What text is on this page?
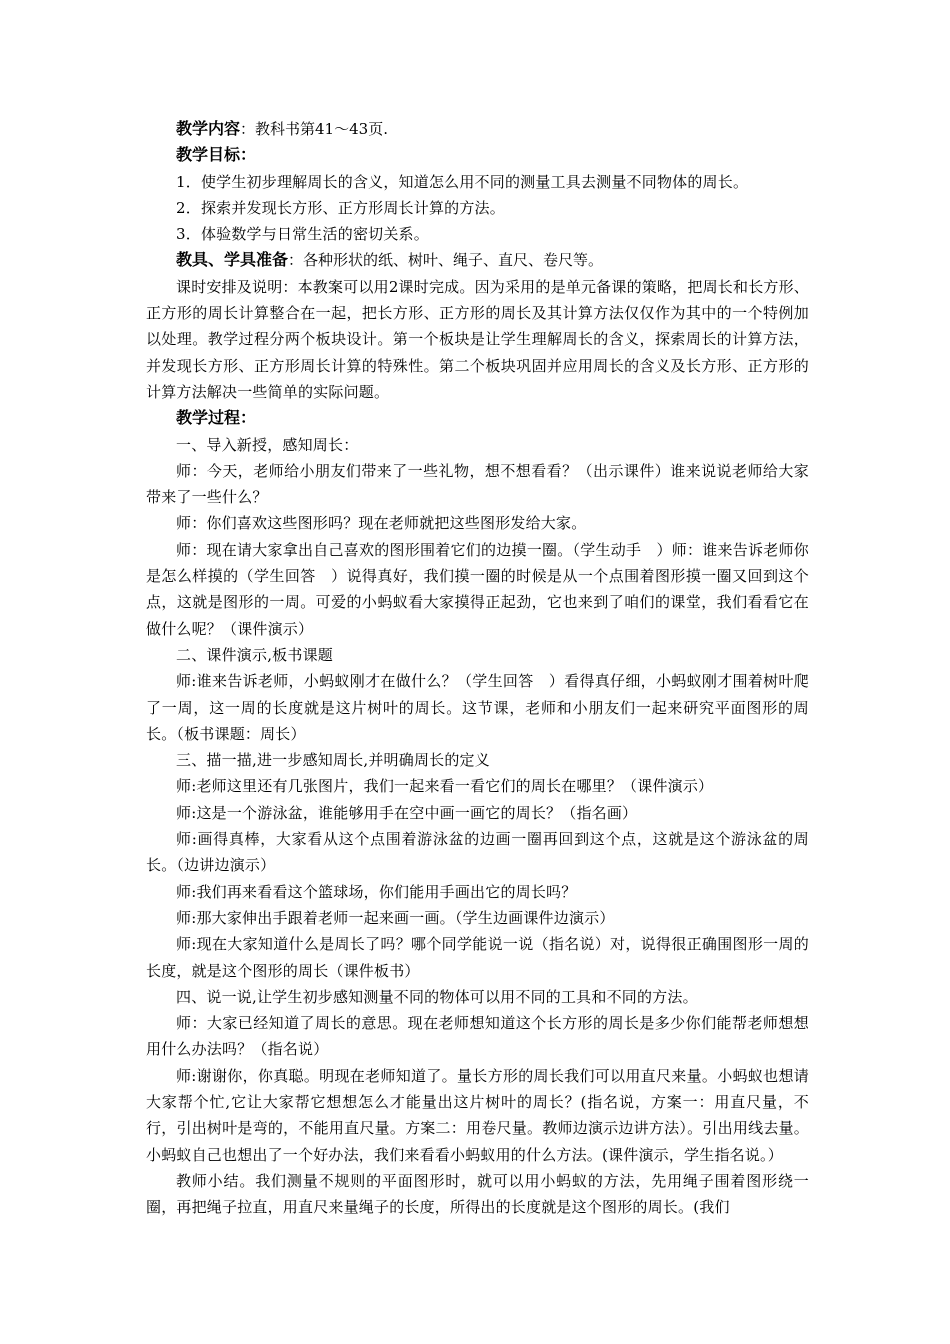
教学内容：教科书第41～43页.

教学目标：

1．使学生初步理解周长的含义，知道怎么用不同的测量工具去测量不同物体的周长。

2．探索并发现长方形、正方形周长计算的方法。

3．体验数学与日常生活的密切关系。

教具、学具准备：各种形状的纸、树叶、绳子、直尺、卷尺等。

课时安排及说明：本教案可以用2课时完成。因为采用的是单元备课的策略，把周长和长方形、正方形的周长计算整合在一起，把长方形、正方形的周长及其计算方法仅仅作为其中的一个特例加以处理。教学过程分两个板块设计。第一个板块是让学生理解周长的含义，探索周长的计算方法，并发现长方形、正方形周长计算的特殊性。第二个板块巩固并应用周长的含义及长方形、正方形的计算方法解决一些简单的实际问题。

教学过程：

一、导入新授，感知周长：

师：今天，老师给小朋友们带来了一些礼物，想不想看看？（出示课件）谁来说说老师给大家带来了一些什么？

师：你们喜欢这些图形吗？现在老师就把这些图形发给大家。

师：现在请大家拿出自己喜欢的图形围着它们的边摸一圈。（学生动手　）师：谁来告诉老师你是怎么样摸的（学生回答　）说得真好，我们摸一圈的时候是从一个点围着图形摸一圈又回到这个点，这就是图形的一周。可爱的小蚂蚁看大家摸得正起劲，它也来到了咱们的课堂，我们看看它在做什么呢？（课件演示）

二、课件演示,板书课题

师:谁来告诉老师，小蚂蚁刚才在做什么？（学生回答　）看得真仔细，小蚂蚁刚才围着树叶爬了一周，这一周的长度就是这片树叶的周长。这节课，老师和小朋友们一起来研究平面图形的周长。（板书课题：周长）

三、描一描,进一步感知周长,并明确周长的定义

师:老师这里还有几张图片，我们一起来看一看它们的周长在哪里？（课件演示）

师:这是一个游泳盆，谁能够用手在空中画一画它的周长？（指名画）

师:画得真棒，大家看从这个点围着游泳盆的边画一圈再回到这个点，这就是这个游泳盆的周长。（边讲边演示）

师:我们再来看看这个篮球场，你们能用手画出它的周长吗？

师:那大家伸出手跟着老师一起来画一画。（学生边画课件边演示）

师:现在大家知道什么是周长了吗？哪个同学能说一说（指名说）对，说得很正确围图形一周的长度，就是这个图形的周长（课件板书）

四、说一说,让学生初步感知测量不同的物体可以用不同的工具和不同的方法。

师：大家已经知道了周长的意思。现在老师想知道这个长方形的周长是多少你们能帮老师想想用什么办法吗？（指名说）

师:谢谢你，你真聪。明现在老师知道了。量长方形的周长我们可以用直尺来量。小蚂蚁也想请大家帮个忙,它让大家帮它想想怎么才能量出这片树叶的周长？(指名说，方案一：用直尺量，不行，引出树叶是弯的，不能用直尺量。方案二：用卷尺量。教师边演示边讲方法）。引出用线去量。小蚂蚁自己也想出了一个好办法，我们来看看小蚂蚁用的什么方法。(课件演示，学生指名说。）

教师小结。我们测量不规则的平面图形时，就可以用小蚂蚁的方法，先用绳子围着图形绕一圈，再把绳子拉直，用直尺来量绳子的长度，所得出的长度就是这个图形的周长。(我们
